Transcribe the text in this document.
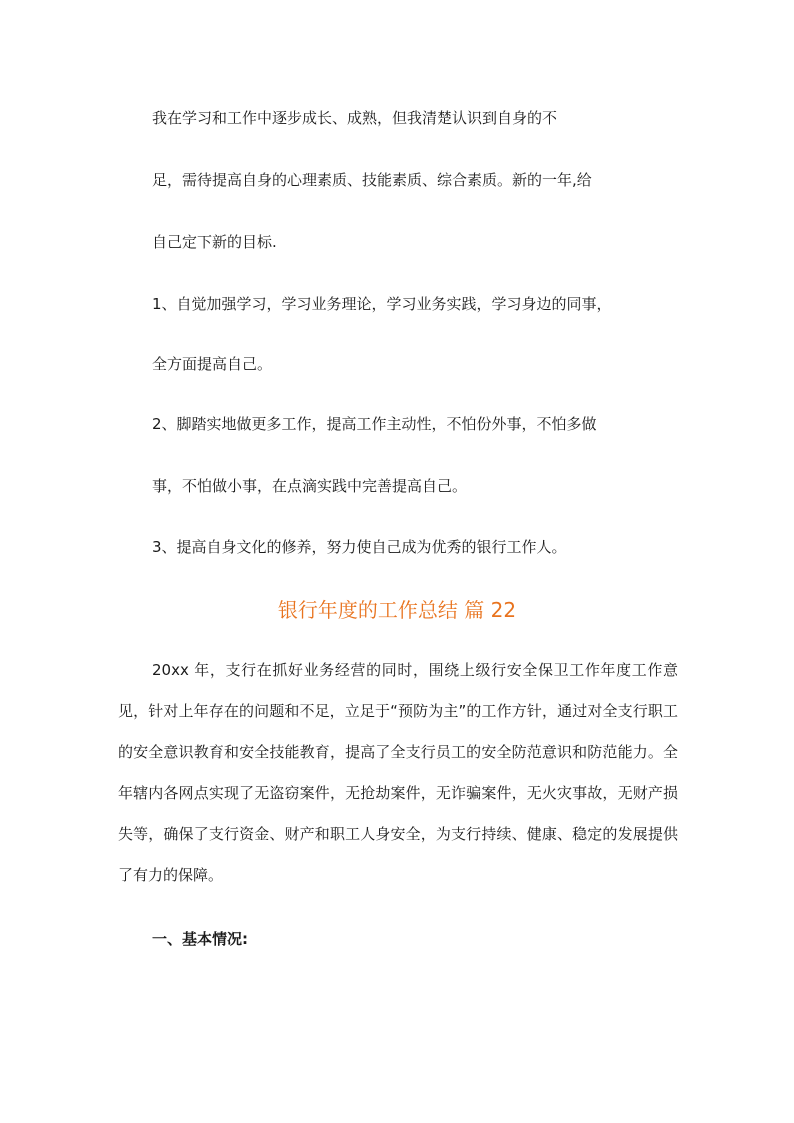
我在学习和工作中逐步成长、成熟，但我清楚认识到自身的不
足，需待提高自身的心理素质、技能素质、综合素质。新的一年,给
自己定下新的目标.
1、自觉加强学习，学习业务理论，学习业务实践，学习身边的同事，
全方面提高自己。
2、脚踏实地做更多工作，提高工作主动性，不怕份外事，不怕多做
事，不怕做小事，在点滴实践中完善提高自己。
3、提高自身文化的修养，努力使自己成为优秀的银行工作人。
银行年度的工作总结 篇 22
20xx 年，支行在抓好业务经营的同时，围绕上级行安全保卫工作年度工作意见，针对上年存在的问题和不足，立足于“预防为主”的工作方针，通过对全支行职工的安全意识教育和安全技能教育，提高了全支行员工的安全防范意识和防范能力。全年辖内各网点实现了无盗窃案件，无抢劫案件，无诈骗案件，无火灾事故，无财产损失等，确保了支行资金、财产和职工人身安全，为支行持续、健康、稳定的发展提供了有力的保障。
一、基本情况:
